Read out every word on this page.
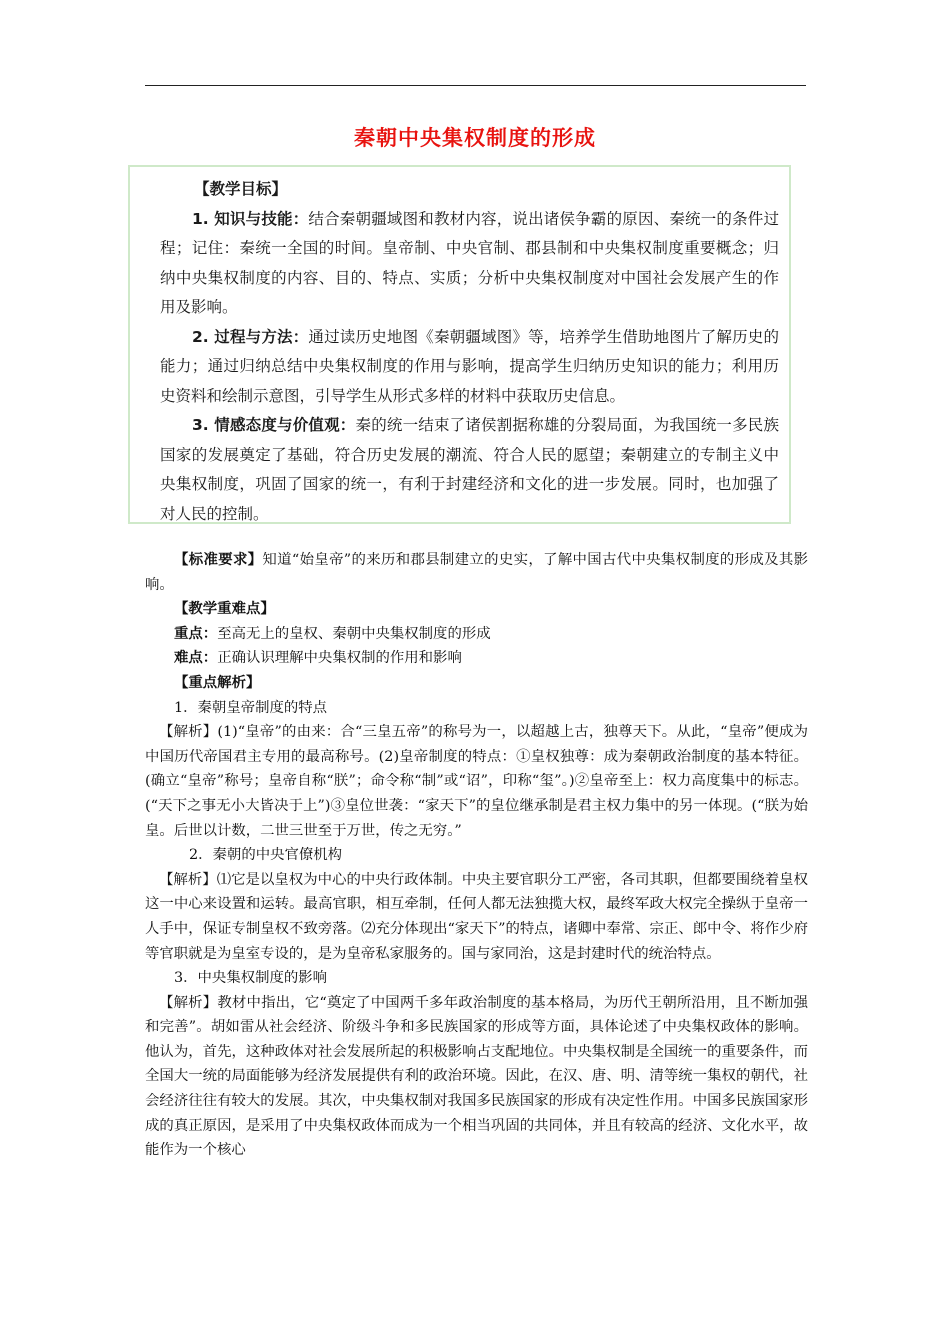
秦朝中央集权制度的形成
【教学目标】

1. 知识与技能：结合秦朝疆域图和教材内容，说出诸侯争霸的原因、秦统一的条件过程；记住：秦统一全国的时间。皇帝制、中央官制、郡县制和中央集权制度重要概念；归纳中央集权制度的内容、目的、特点、实质；分析中央集权制度对中国社会发展产生的作用及影响。

2. 过程与方法：通过读历史地图《秦朝疆域图》等，培养学生借助地图片了解历史的能力；通过归纳总结中央集权制度的作用与影响，提高学生归纳历史知识的能力；利用历史资料和绘制示意图，引导学生从形式多样的材料中获取历史信息。

3. 情感态度与价值观：秦的统一结束了诸侯割据称雄的分裂局面，为我国统一多民族国家的发展奠定了基础，符合历史发展的潮流、符合人民的愿望；秦朝建立的专制主义中央集权制度，巩固了国家的统一，有利于封建经济和文化的进一步发展。同时，也加强了对人民的控制。

【标准要求】知道“始皇帝”的来历和郡县制建立的史实，了解中国古代中央集权制度的形成及其影响。

【教学重难点】

重点：至高无上的皇权、秦朝中央集权制度的形成

难点：正确认识理解中央集权制的作用和影响

【重点解析】

1．秦朝皇帝制度的特点

【解析】(1)“皇帝”的由来：合“三皇五帝”的称号为一，以超越上古，独尊天下。从此，“皇帝”便成为中国历代帝国君主专用的最高称号。(2)皇帝制度的特点：①皇权独尊：成为秦朝政治制度的基本特征。(确立“皇帝”称号；皇帝自称“朕”；命令称“制”或“诏”，印称“玺”。)②皇帝至上：权力高度集中的标志。(“天下之事无小大皆决于上”)③皇位世袭：“家天下”的皇位继承制是君主权力集中的另一体现。(“朕为始皇。后世以计数，二世三世至于万世，传之无穷。”

2．秦朝的中央官僚机构

【解析】⑴它是以皇权为中心的中央行政体制。中央主要官职分工严密，各司其职，但都要围绕着皇权这一中心来设置和运转。最高官职，相互牵制，任何人都无法独揽大权，最终军政大权完全操纵于皇帝一人手中，保证专制皇权不致旁落。⑵充分体现出“家天下”的特点，诸卿中奉常、宗正、郎中令、将作少府等官职就是为皇室专设的，是为皇帝私家服务的。国与家同治，这是封建时代的统治特点。

3．中央集权制度的影响

【解析】教材中指出，它“奠定了中国两千多年政治制度的基本格局，为历代王朝所沿用，且不断加强和完善”。胡如雷从社会经济、阶级斗争和多民族国家的形成等方面，具体论述了中央集权政体的影响。他认为，首先，这种政体对社会发展所起的积极影响占支配地位。中央集权制是全国统一的重要条件，而全国大一统的局面能够为经济发展提供有利的政治环境。因此，在汉、唐、明、清等统一集权的朝代，社会经济往往有较大的发展。其次，中央集权制对我国多民族国家的形成有决定性作用。中国多民族国家形成的真正原因，是采用了中央集权政体而成为一个相当巩固的共同体，并且有较高的经济、文化水平，故能作为一个核心
